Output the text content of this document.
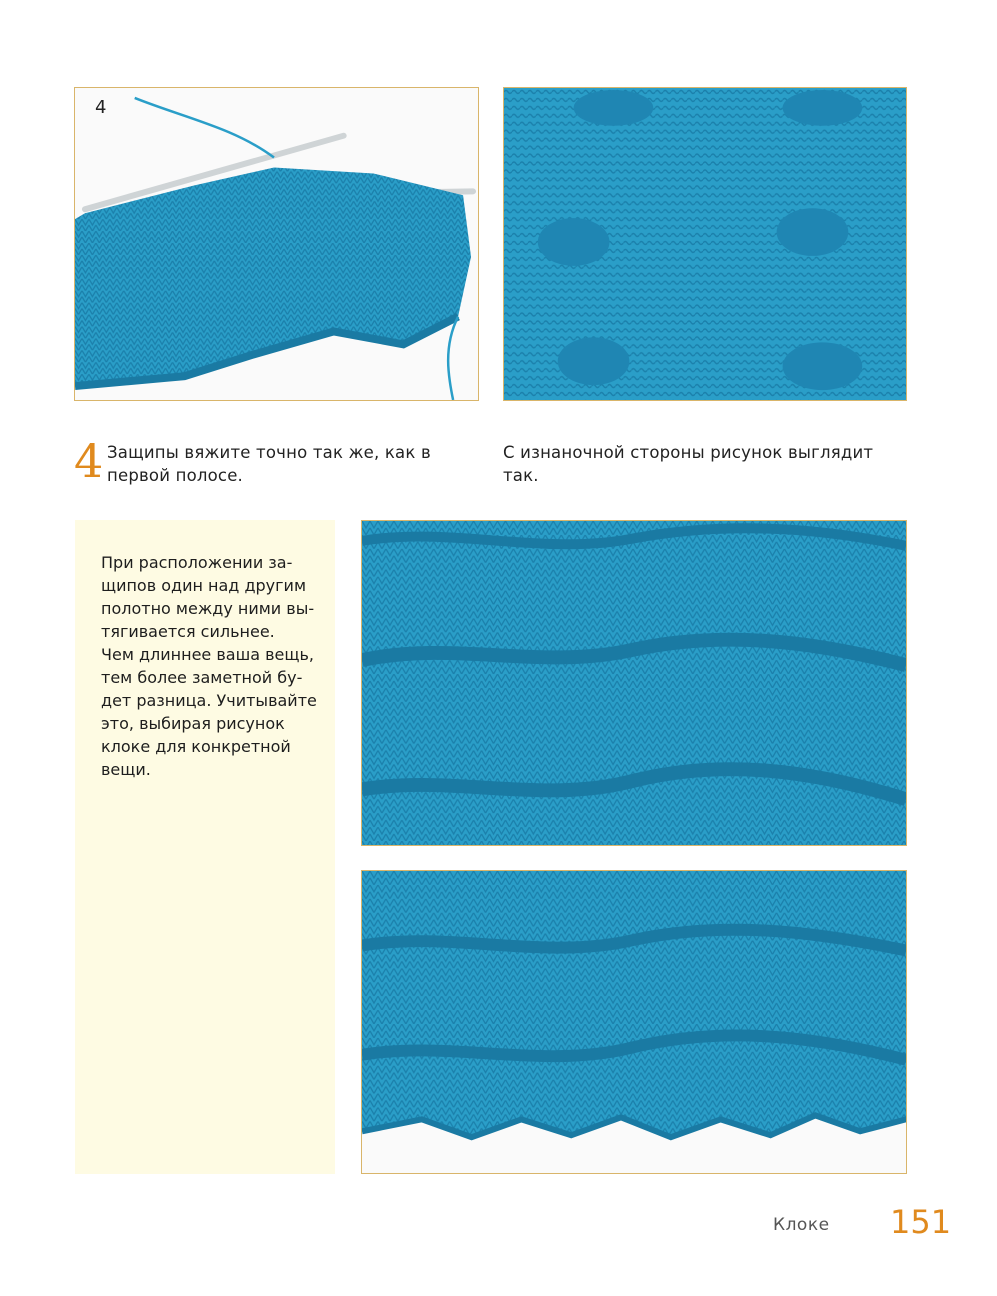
4
4 Защипы вяжите точно так же, как в первой полосе.
С изнаночной стороны рисунок выглядит так.
При расположении за-
щипов один над другим
полотно между ними вы-
тягивается сильнее.
Чем длиннее ваша вещь,
тем более заметной бу-
дет разница. Учитывайте
это, выбирая рисунок
клоке для конкретной
вещи.
Клоке 151
